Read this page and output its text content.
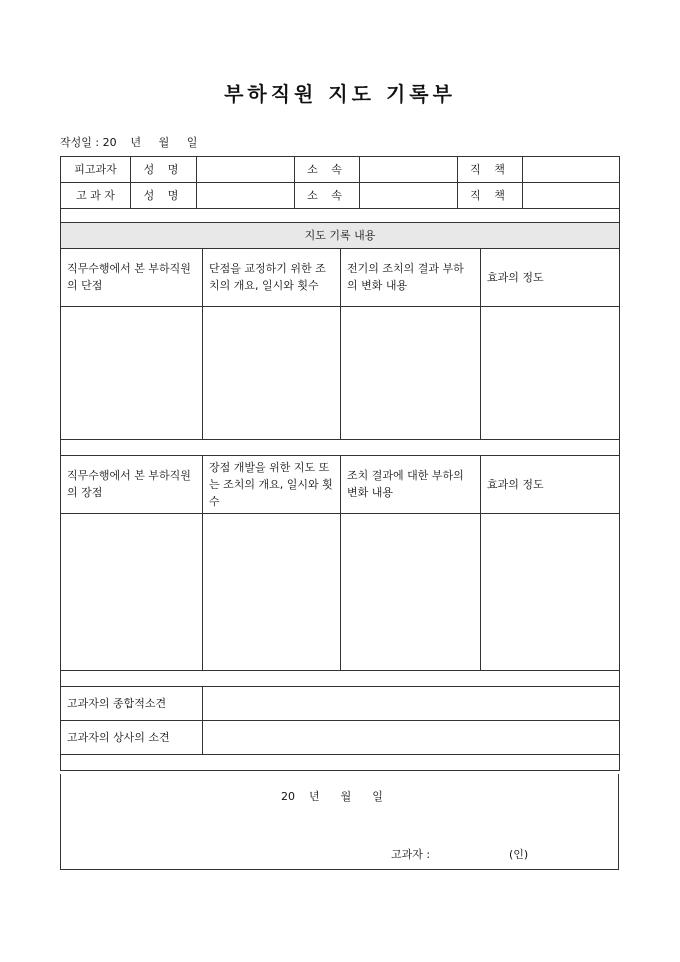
부하직원 지도 기록부
작성일 : 20    년     월     일
피고과자	성 명		소 속		직 책	
고 과 자	성 명		소 속		직 책	

지도 기록 내용			
직무수행에서 본 부하직원의 단점	단점을 교정하기 위한 조치의 개요, 일시와 횟수	전기의 조치의 결과 부하의 변화 내용	효과의 정도

직무수행에서 본 부하직원의 장점	장점 개발을 위한 지도 또는 조치의 개요, 일시와 횟수	조치 결과에 대한 부하의 변화 내용	효과의 정도

고과자의 종합적소견			
고과자의 상사의 소견			

20    년      월      일
고과자 :	(인)
